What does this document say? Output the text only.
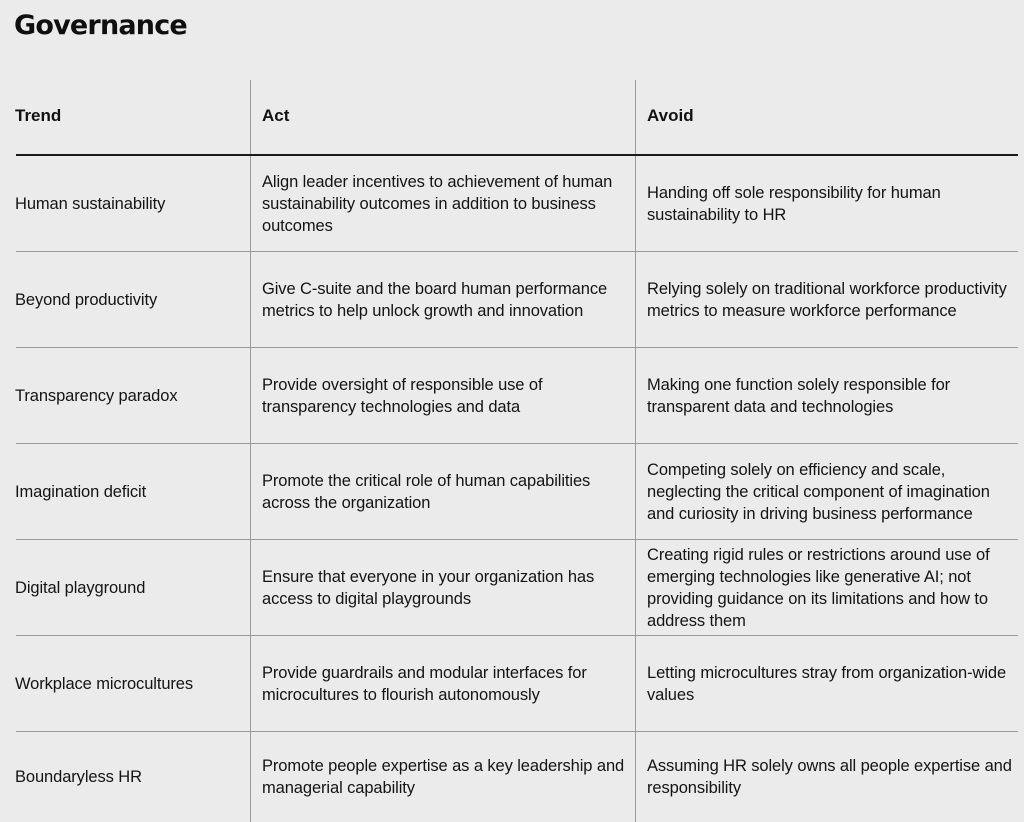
Governance
Trend	Act	Avoid
Human sustainability
Align leader incentives to achievement of human sustainability outcomes in addition to business outcomes
Handing off sole responsibility for human sustainability to HR
Beyond productivity
Give C-suite and the board human performance metrics to help unlock growth and innovation
Relying solely on traditional workforce productivity metrics to measure workforce performance
Transparency paradox
Provide oversight of responsible use of transparency technologies and data
Making one function solely responsible for transparent data and technologies
Imagination deficit
Promote the critical role of human capabilities across the organization
Competing solely on efficiency and scale, neglecting the critical component of imagination and curiosity in driving business performance
Digital playground
Ensure that everyone in your organization has access to digital playgrounds
Creating rigid rules or restrictions around use of emerging technologies like generative AI; not providing guidance on its limitations and how to address them
Workplace microcultures
Provide guardrails and modular interfaces for microcultures to flourish autonomously
Letting microcultures stray from organization-wide values
Boundaryless HR
Promote people expertise as a key leadership and managerial capability
Assuming HR solely owns all people expertise and responsibility
